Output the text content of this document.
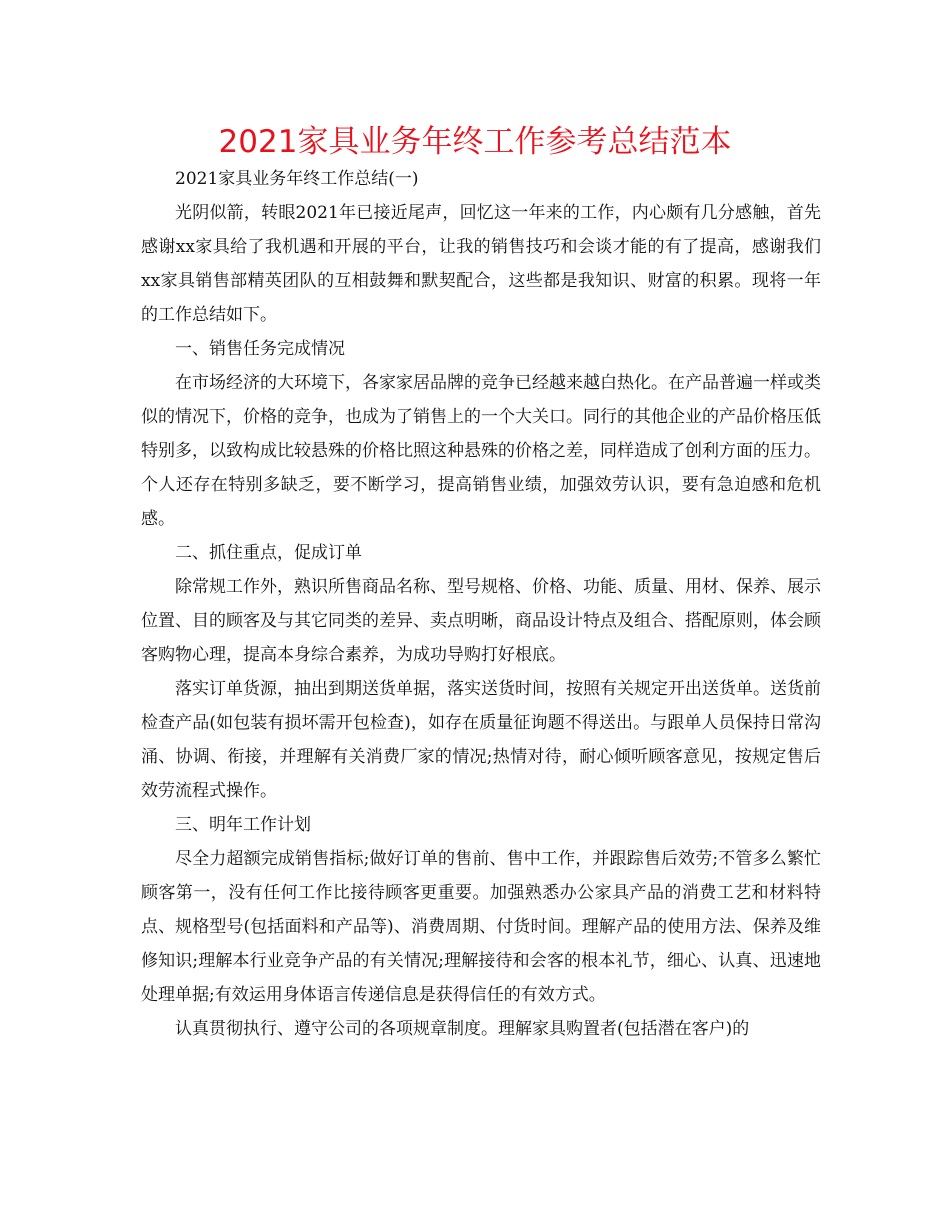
2021家具业务年终工作参考总结范本

2021家具业务年终工作总结(一)

光阴似箭，转眼2021年已接近尾声，回忆这一年来的工作，内心颇有几分感触，首先感谢xx家具给了我机遇和开展的平台，让我的销售技巧和会谈才能的有了提高，感谢我们xx家具销售部精英团队的互相鼓舞和默契配合，这些都是我知识、财富的积累。现将一年的工作总结如下。

一、销售任务完成情况

在市场经济的大环境下，各家家居品牌的竞争已经越来越白热化。在产品普遍一样或类似的情况下，价格的竞争，也成为了销售上的一个大关口。同行的其他企业的产品价格压低特别多，以致构成比较悬殊的价格比照这种悬殊的价格之差，同样造成了创利方面的压力。个人还存在特别多缺乏，要不断学习，提高销售业绩，加强效劳认识，要有急迫感和危机感。

二、抓住重点，促成订单

除常规工作外，熟识所售商品名称、型号规格、价格、功能、质量、用材、保养、展示位置、目的顾客及与其它同类的差异、卖点明晰，商品设计特点及组合、搭配原则，体会顾客购物心理，提高本身综合素养，为成功导购打好根底。

落实订单货源，抽出到期送货单据，落实送货时间，按照有关规定开出送货单。送货前检查产品(如包装有损坏需开包检查)，如存在质量征询题不得送出。与跟单人员保持日常沟涌、协调、衔接，并理解有关消费厂家的情况;热情对待，耐心倾听顾客意见，按规定售后效劳流程式操作。

三、明年工作计划

尽全力超额完成销售指标;做好订单的售前、售中工作，并跟踪售后效劳;不管多么繁忙顾客第一，没有任何工作比接待顾客更重要。加强熟悉办公家具产品的消费工艺和材料特点、规格型号(包括面料和产品等)、消费周期、付货时间。理解产品的使用方法、保养及维修知识;理解本行业竞争产品的有关情况;理解接待和会客的根本礼节，细心、认真、迅速地处理单据;有效运用身体语言传递信息是获得信任的有效方式。

认真贯彻执行、遵守公司的各项规章制度。理解家具购置者(包括潜在客户)的
